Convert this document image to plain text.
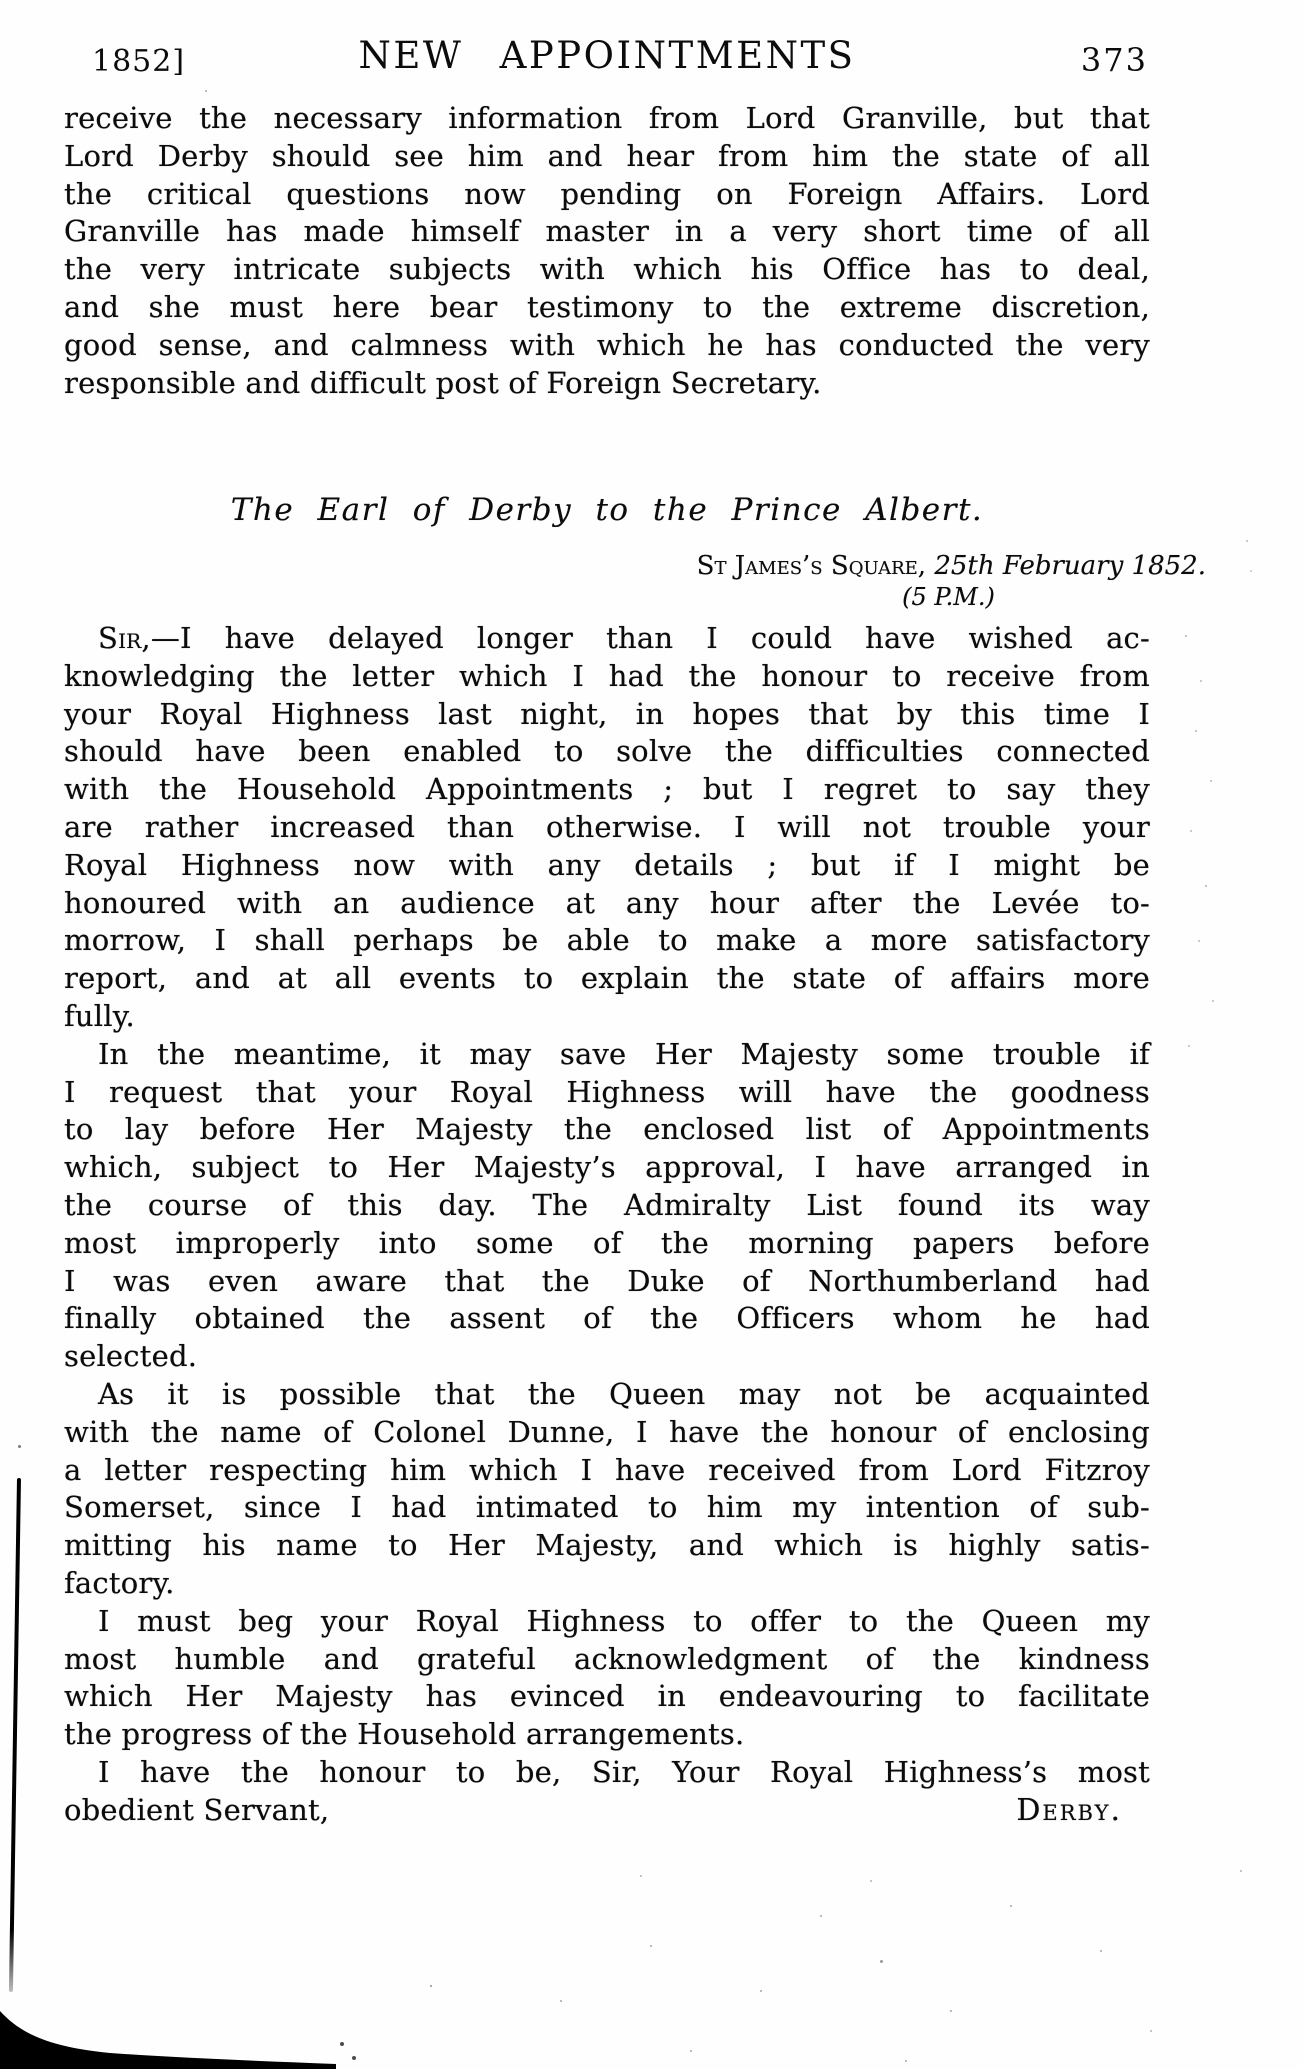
1852]	NEW APPOINTMENTS	373
receive the necessary information from Lord Granville, but that
Lord Derby should see him and hear from him the state of all
the critical questions now pending on Foreign Affairs. Lord
Granville has made himself master in a very short time of all
the very intricate subjects with which his Office has to deal,
and she must here bear testimony to the extreme discretion,
good sense, and calmness with which he has conducted the very
responsible and difficult post of Foreign Secretary.
The Earl of Derby to the Prince Albert.
St James’s Square, 25th February 1852.
(5 P.M.)
Sir,—I have delayed longer than I could have wished ac-
knowledging the letter which I had the honour to receive from
your Royal Highness last night, in hopes that by this time I
should have been enabled to solve the difficulties connected
with the Household Appointments ; but I regret to say they
are rather increased than otherwise. I will not trouble your
Royal Highness now with any details ; but if I might be
honoured with an audience at any hour after the Levée to-
morrow, I shall perhaps be able to make a more satisfactory
report, and at all events to explain the state of affairs more
fully.
In the meantime, it may save Her Majesty some trouble if
I request that your Royal Highness will have the goodness
to lay before Her Majesty the enclosed list of Appointments
which, subject to Her Majesty’s approval, I have arranged in
the course of this day. The Admiralty List found its way
most improperly into some of the morning papers before
I was even aware that the Duke of Northumberland had
finally obtained the assent of the Officers whom he had
selected.
As it is possible that the Queen may not be acquainted
with the name of Colonel Dunne, I have the honour of enclosing
a letter respecting him which I have received from Lord Fitzroy
Somerset, since I had intimated to him my intention of sub-
mitting his name to Her Majesty, and which is highly satis-
factory.
I must beg your Royal Highness to offer to the Queen my
most humble and grateful acknowledgment of the kindness
which Her Majesty has evinced in endeavouring to facilitate
the progress of the Household arrangements.
I have the honour to be, Sir, Your Royal Highness’s most
obedient Servant,	Derby.
